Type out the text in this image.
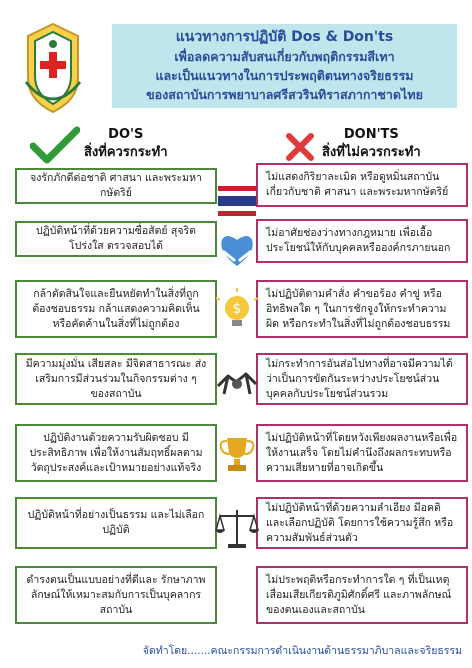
แนวทางการปฏิบัติ Dos & Don'ts
เพื่อลดความสับสนเกี่ยวกับพฤติกรรมสีเทา
และเป็นแนวทางในการประพฤติตนทางจริยธรรม
ของสถาบันการพยาบาลศรีสวรินทิราสภากาชาดไทย
DO'S
สิ่งที่ควรกระทำ
DON'TS
สิ่งที่ไม่ควรกระทำ
จงรักภักดีต่อชาติ ศาสนา และพระมหากษัตริย์
ปฏิบัติหน้าที่ด้วยความซื่อสัตย์ สุจริต โปร่งใส ตรวจสอบได้
กล้าตัดสินใจและยืนหยัดทำในสิ่งที่ถูกต้องชอบธรรม กล้าแสดงความคิดเห็นหรือคัดค้านในสิ่งที่ไม่ถูกต้อง
มีความมุ่งมั่น เสียสละ มีจิตสาธารณะ ส่งเสริมการมีส่วนร่วมในกิจกรรมต่าง ๆ ของสถาบัน
ปฏิบัติงานด้วยความรับผิดชอบ มีประสิทธิภาพ เพื่อให้งานสัมฤทธิ์ผลตามวัตถุประสงค์และเป้าหมายอย่างแท้จริง
ปฏิบัติหน้าที่อย่างเป็นธรรม และไม่เลือกปฏิบัติ
ดำรงตนเป็นแบบอย่างที่ดีและ รักษาภาพลักษณ์ให้เหมาะสมกับการเป็นบุคลากรสถาบัน
ไม่แสดงกิริยาละเมิด หรือดูหมิ่นสถาบันเกี่ยวกับชาติ ศาสนา และพระมหากษัตริย์
ไม่อาศัยช่องว่างทางกฎหมาย เพื่อเอื้อประโยชน์ให้กับบุคคลหรือองค์กรภายนอก
ไม่ปฏิบัติตามคำสั่ง คำขอร้อง คำขู่ หรืออิทธิพลใด ๆ ในการชักจูงให้กระทำความผิด หรือกระทำในสิ่งที่ไม่ถูกต้องชอบธรรม
ไม่กระทำการอันส่อไปทางที่อาจมีความได้ว่าเป็นการขัดกันระหว่างประโยชน์ส่วนบุคคลกับประโยชน์ส่วนรวม
ไม่ปฏิบัติหน้าที่โดยหวังเพียงผลงานหรือเพื่อให้งานเสร็จ โดยไม่คำนึงถึงผลกระทบหรือความเสียหายที่อาจเกิดขึ้น
ไม่ปฏิบัติหน้าที่ด้วยความลำเอียง มีอคติ และเลือกปฏิบัติ โดยการใช้ความรู้สึก หรือความสัมพันธ์ส่วนตัว
ไม่ประพฤติหรือกระทำการใด ๆ ที่เป็นเหตุเสื่อมเสียเกียรติภูมิศักดิ์ศรี และภาพลักษณ์ของตนเองและสถาบัน
$
จัดทำโดย.......คณะกรรมการดำเนินงานด้านธรรมาภิบาลและจริยธรรม
